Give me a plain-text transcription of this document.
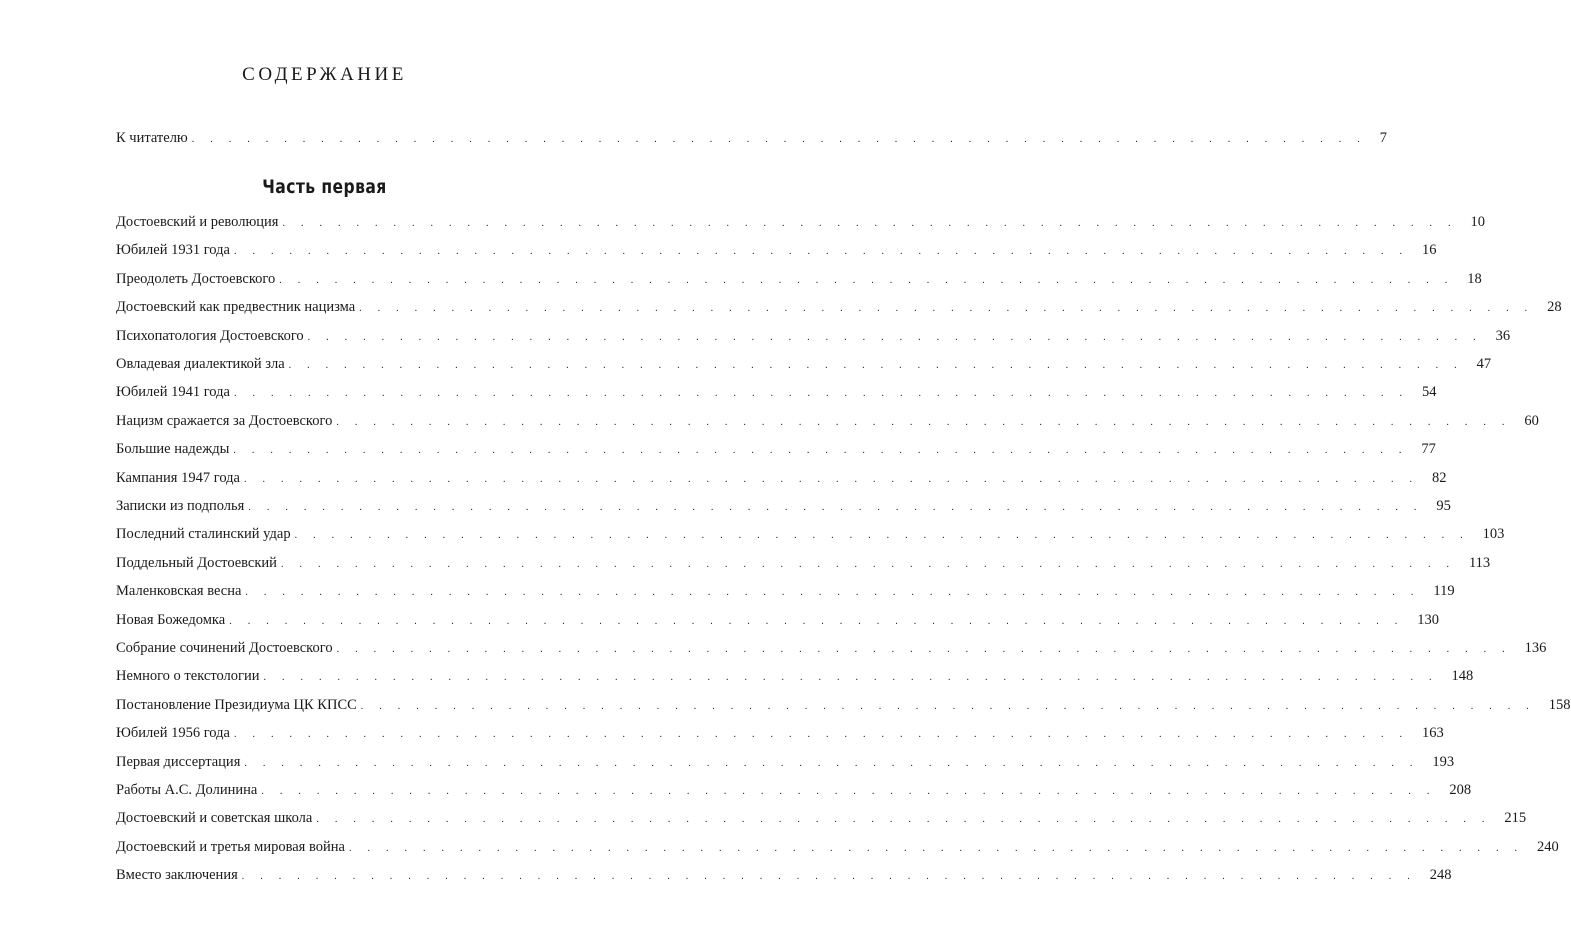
СОДЕРЖАНИЕ
К читателю ................................................................ 7
Часть первая
Достоевский и революция ................................................................ 10
Юбилей 1931 года ................................................................ 16
Преодолеть Достоевского ................................................................ 18
Достоевский как предвестник нацизма ................................................................ 28
Психопатология Достоевского ................................................................ 36
Овладевая диалектикой зла ................................................................ 47
Юбилей 1941 года ................................................................ 54
Нацизм сражается за Достоевского ................................................................ 60
Большие надежды ................................................................ 77
Кампания 1947 года ................................................................ 82
Записки из подполья ................................................................ 95
Последний сталинский удар ................................................................ 103
Поддельный Достоевский ................................................................ 113
Маленковская весна ................................................................ 119
Новая Божедомка ................................................................ 130
Собрание сочинений Достоевского ................................................................ 136
Немного о текстологии ................................................................ 148
Постановление Президиума ЦК КПСС ................................................................ 158
Юбилей 1956 года ................................................................ 163
Первая диссертация ................................................................ 193
Работы А.С. Долинина ................................................................ 208
Достоевский и советская школа ................................................................ 215
Достоевский и третья мировая война ................................................................ 240
Вместо заключения ................................................................ 248
